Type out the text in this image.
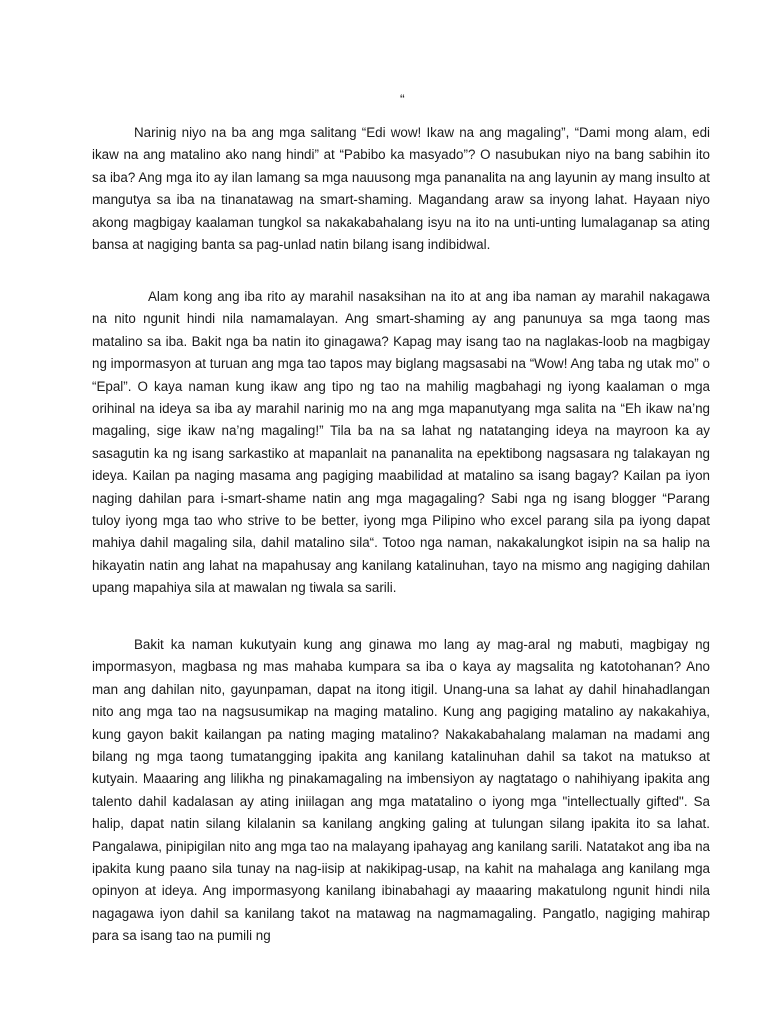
“

Narinig niyo na ba ang mga salitang “Edi wow! Ikaw na ang magaling”, “Dami mong alam, edi ikaw na ang matalino ako nang hindi” at “Pabibo ka masyado”? O nasubukan niyo na bang sabihin ito sa iba? Ang mga ito ay ilan lamang sa mga nauusong mga pananalita na ang layunin ay mang insulto at mangutya sa iba na tinanatawag na smart-shaming. Magandang araw sa inyong lahat. Hayaan niyo akong magbigay kaalaman tungkol sa nakakabahalang isyu na ito na unti-unting lumalaganap sa ating bansa at nagiging banta sa pag-unlad natin bilang isang indibidwal.

Alam kong ang iba rito ay marahil nasaksihan na ito at ang iba naman ay marahil nakagawa na nito ngunit hindi nila namamalayan. Ang smart-shaming ay ang panunuya sa mga taong mas matalino sa iba. Bakit nga ba natin ito ginagawa? Kapag may isang tao na naglakas-loob na magbigay ng impormasyon at turuan ang mga tao tapos may biglang magsasabi na “Wow! Ang taba ng utak mo” o “Epal”. O kaya naman kung ikaw ang tipo ng tao na mahilig magbahagi ng iyong kaalaman o mga orihinal na ideya sa iba ay marahil narinig mo na ang mga mapanutyang mga salita na “Eh ikaw na’ng magaling, sige ikaw na’ng magaling!” Tila ba na sa lahat ng natatanging ideya na mayroon ka ay sasagutin ka ng isang sarkastiko at mapanlait na pananalita na epektibong nagsasara ng talakayan ng ideya. Kailan pa naging masama ang pagiging maabilidad at matalino sa isang bagay? Kailan pa iyon naging dahilan para i-smart-shame natin ang mga magagaling? Sabi nga ng isang blogger “Parang tuloy iyong mga tao who strive to be better, iyong mga Pilipino who excel parang sila pa iyong dapat mahiya dahil magaling sila, dahil matalino sila“. Totoo nga naman, nakakalungkot isipin na sa halip na hikayatin natin ang lahat na mapahusay ang kanilang katalinuhan, tayo na mismo ang nagiging dahilan upang mapahiya sila at mawalan ng tiwala sa sarili.

Bakit ka naman kukutyain kung ang ginawa mo lang ay mag-aral ng mabuti, magbigay ng impormasyon, magbasa ng mas mahaba kumpara sa iba o kaya ay magsalita ng katotohanan? Ano man ang dahilan nito, gayunpaman, dapat na itong itigil. Unang-una sa lahat ay dahil hinahadlangan nito ang mga tao na nagsusumikap na maging matalino. Kung ang pagiging matalino ay nakakahiya, kung gayon bakit kailangan pa nating maging matalino? Nakakabahalang malaman na madami ang bilang ng mga taong tumatangging ipakita ang kanilang katalinuhan dahil sa takot na matukso at kutyain. Maaaring ang lilikha ng pinakamagaling na imbensiyon ay nagtatago o nahihiyang ipakita ang talento dahil kadalasan ay ating iniilagan ang mga matatalino o iyong mga "intellectually gifted". Sa halip, dapat natin silang kilalanin sa kanilang angking galing at tulungan silang ipakita ito sa lahat. Pangalawa, pinipigilan nito ang mga tao na malayang ipahayag ang kanilang sarili. Natatakot ang iba na ipakita kung paano sila tunay na nag-iisip at nakikipag-usap, na kahit na mahalaga ang kanilang mga opinyon at ideya. Ang impormasyong kanilang ibinabahagi ay maaaring makatulong ngunit hindi nila nagagawa iyon dahil sa kanilang takot na matawag na nagmamagaling. Pangatlo, nagiging mahirap para sa isang tao na pumili ng
